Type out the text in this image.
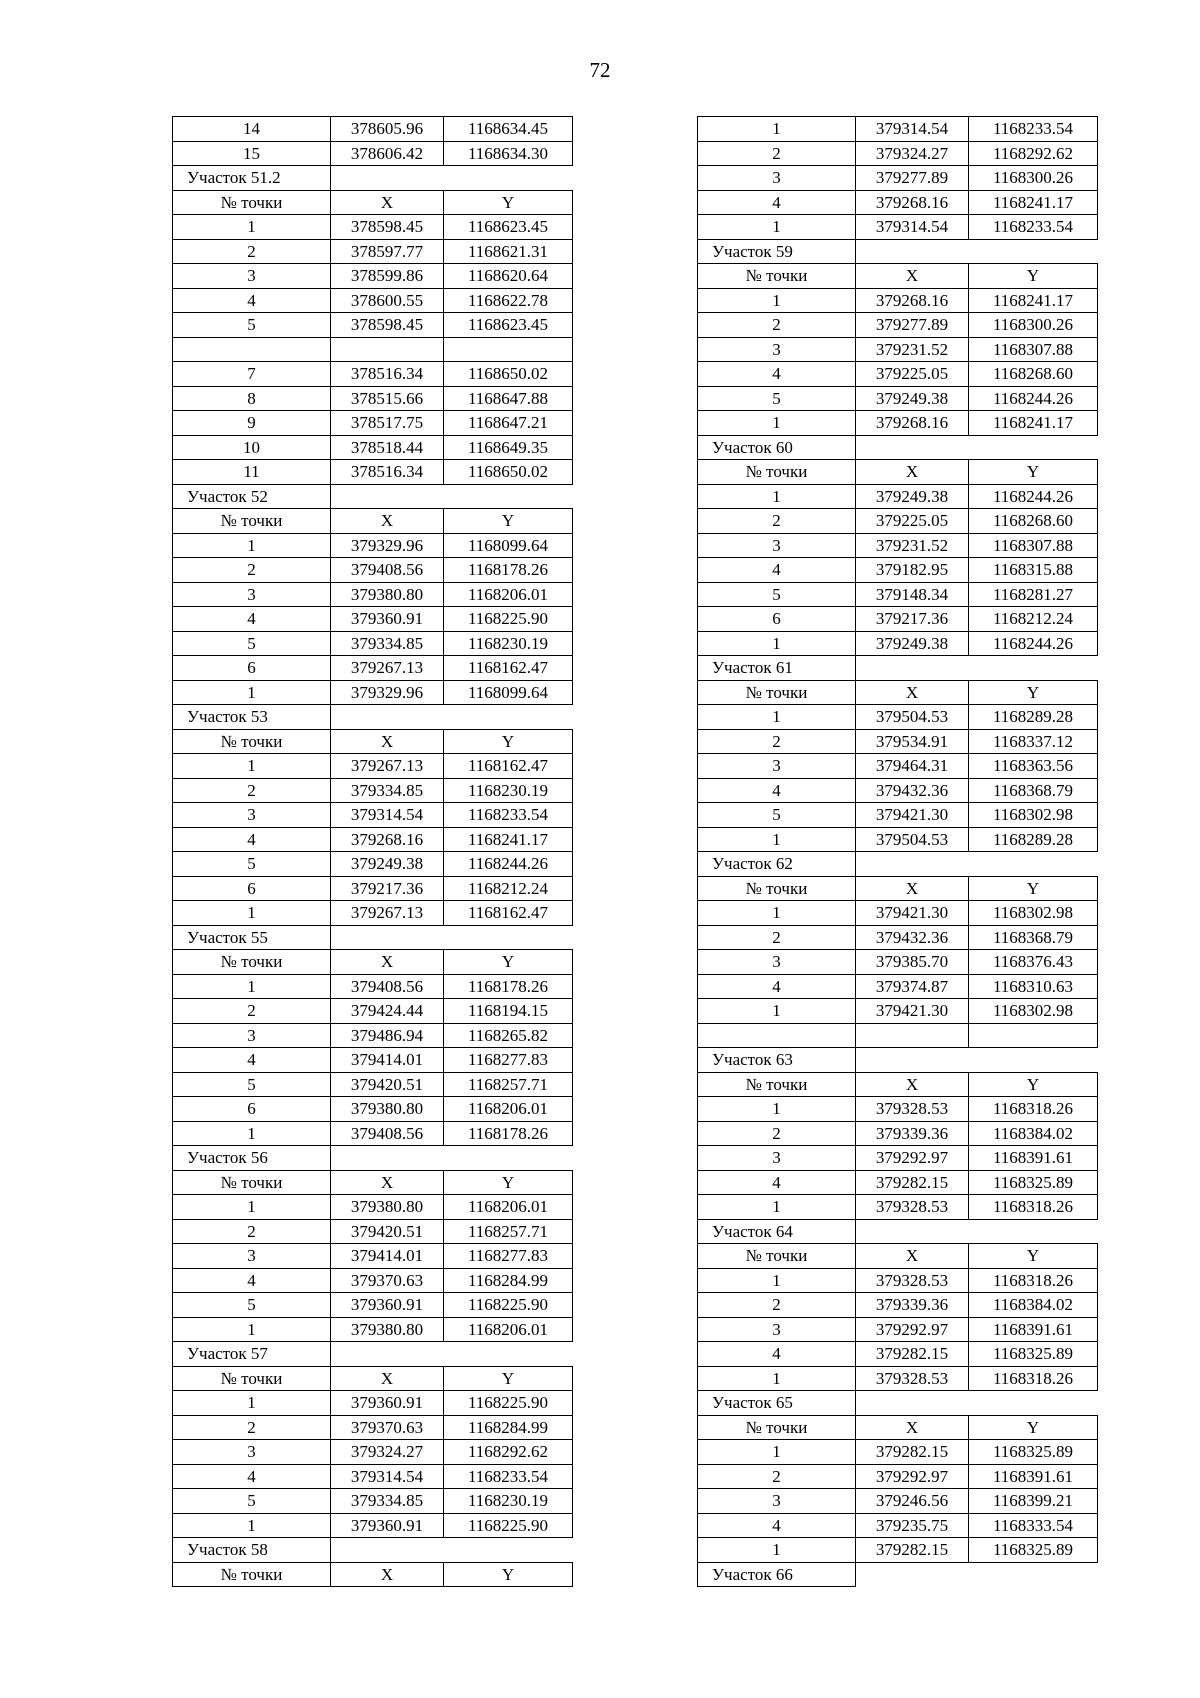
72
14	378605.96	1168634.45
15	378606.42	1168634.30
Участок 51.2		
№ точки	X	Y
1	378598.45	1168623.45
2	378597.77	1168621.31
3	378599.86	1168620.64
4	378600.55	1168622.78
5	378598.45	1168623.45

7	378516.34	1168650.02
8	378515.66	1168647.88
9	378517.75	1168647.21
10	378518.44	1168649.35
11	378516.34	1168650.02
Участок 52		
№ точки	X	Y
1	379329.96	1168099.64
2	379408.56	1168178.26
3	379380.80	1168206.01
4	379360.91	1168225.90
5	379334.85	1168230.19
6	379267.13	1168162.47
1	379329.96	1168099.64
Участок 53		
№ точки	X	Y
1	379267.13	1168162.47
2	379334.85	1168230.19
3	379314.54	1168233.54
4	379268.16	1168241.17
5	379249.38	1168244.26
6	379217.36	1168212.24
1	379267.13	1168162.47
Участок 55		
№ точки	X	Y
1	379408.56	1168178.26
2	379424.44	1168194.15
3	379486.94	1168265.82
4	379414.01	1168277.83
5	379420.51	1168257.71
6	379380.80	1168206.01
1	379408.56	1168178.26
Участок 56		
№ точки	X	Y
1	379380.80	1168206.01
2	379420.51	1168257.71
3	379414.01	1168277.83
4	379370.63	1168284.99
5	379360.91	1168225.90
1	379380.80	1168206.01
Участок 57		
№ точки	X	Y
1	379360.91	1168225.90
2	379370.63	1168284.99
3	379324.27	1168292.62
4	379314.54	1168233.54
5	379334.85	1168230.19
1	379360.91	1168225.90
Участок 58		
№ точки	X	Y
1	379314.54	1168233.54
2	379324.27	1168292.62
3	379277.89	1168300.26
4	379268.16	1168241.17
1	379314.54	1168233.54
Участок 59		
№ точки	X	Y
1	379268.16	1168241.17
2	379277.89	1168300.26
3	379231.52	1168307.88
4	379225.05	1168268.60
5	379249.38	1168244.26
1	379268.16	1168241.17
Участок 60		
№ точки	X	Y
1	379249.38	1168244.26
2	379225.05	1168268.60
3	379231.52	1168307.88
4	379182.95	1168315.88
5	379148.34	1168281.27
6	379217.36	1168212.24
1	379249.38	1168244.26
Участок 61		
№ точки	X	Y
1	379504.53	1168289.28
2	379534.91	1168337.12
3	379464.31	1168363.56
4	379432.36	1168368.79
5	379421.30	1168302.98
1	379504.53	1168289.28
Участок 62		
№ точки	X	Y
1	379421.30	1168302.98
2	379432.36	1168368.79
3	379385.70	1168376.43
4	379374.87	1168310.63
1	379421.30	1168302.98

Участок 63		
№ точки	X	Y
1	379328.53	1168318.26
2	379339.36	1168384.02
3	379292.97	1168391.61
4	379282.15	1168325.89
1	379328.53	1168318.26
Участок 64		
№ точки	X	Y
1	379328.53	1168318.26
2	379339.36	1168384.02
3	379292.97	1168391.61
4	379282.15	1168325.89
1	379328.53	1168318.26
Участок 65		
№ точки	X	Y
1	379282.15	1168325.89
2	379292.97	1168391.61
3	379246.56	1168399.21
4	379235.75	1168333.54
1	379282.15	1168325.89
Участок 66		
